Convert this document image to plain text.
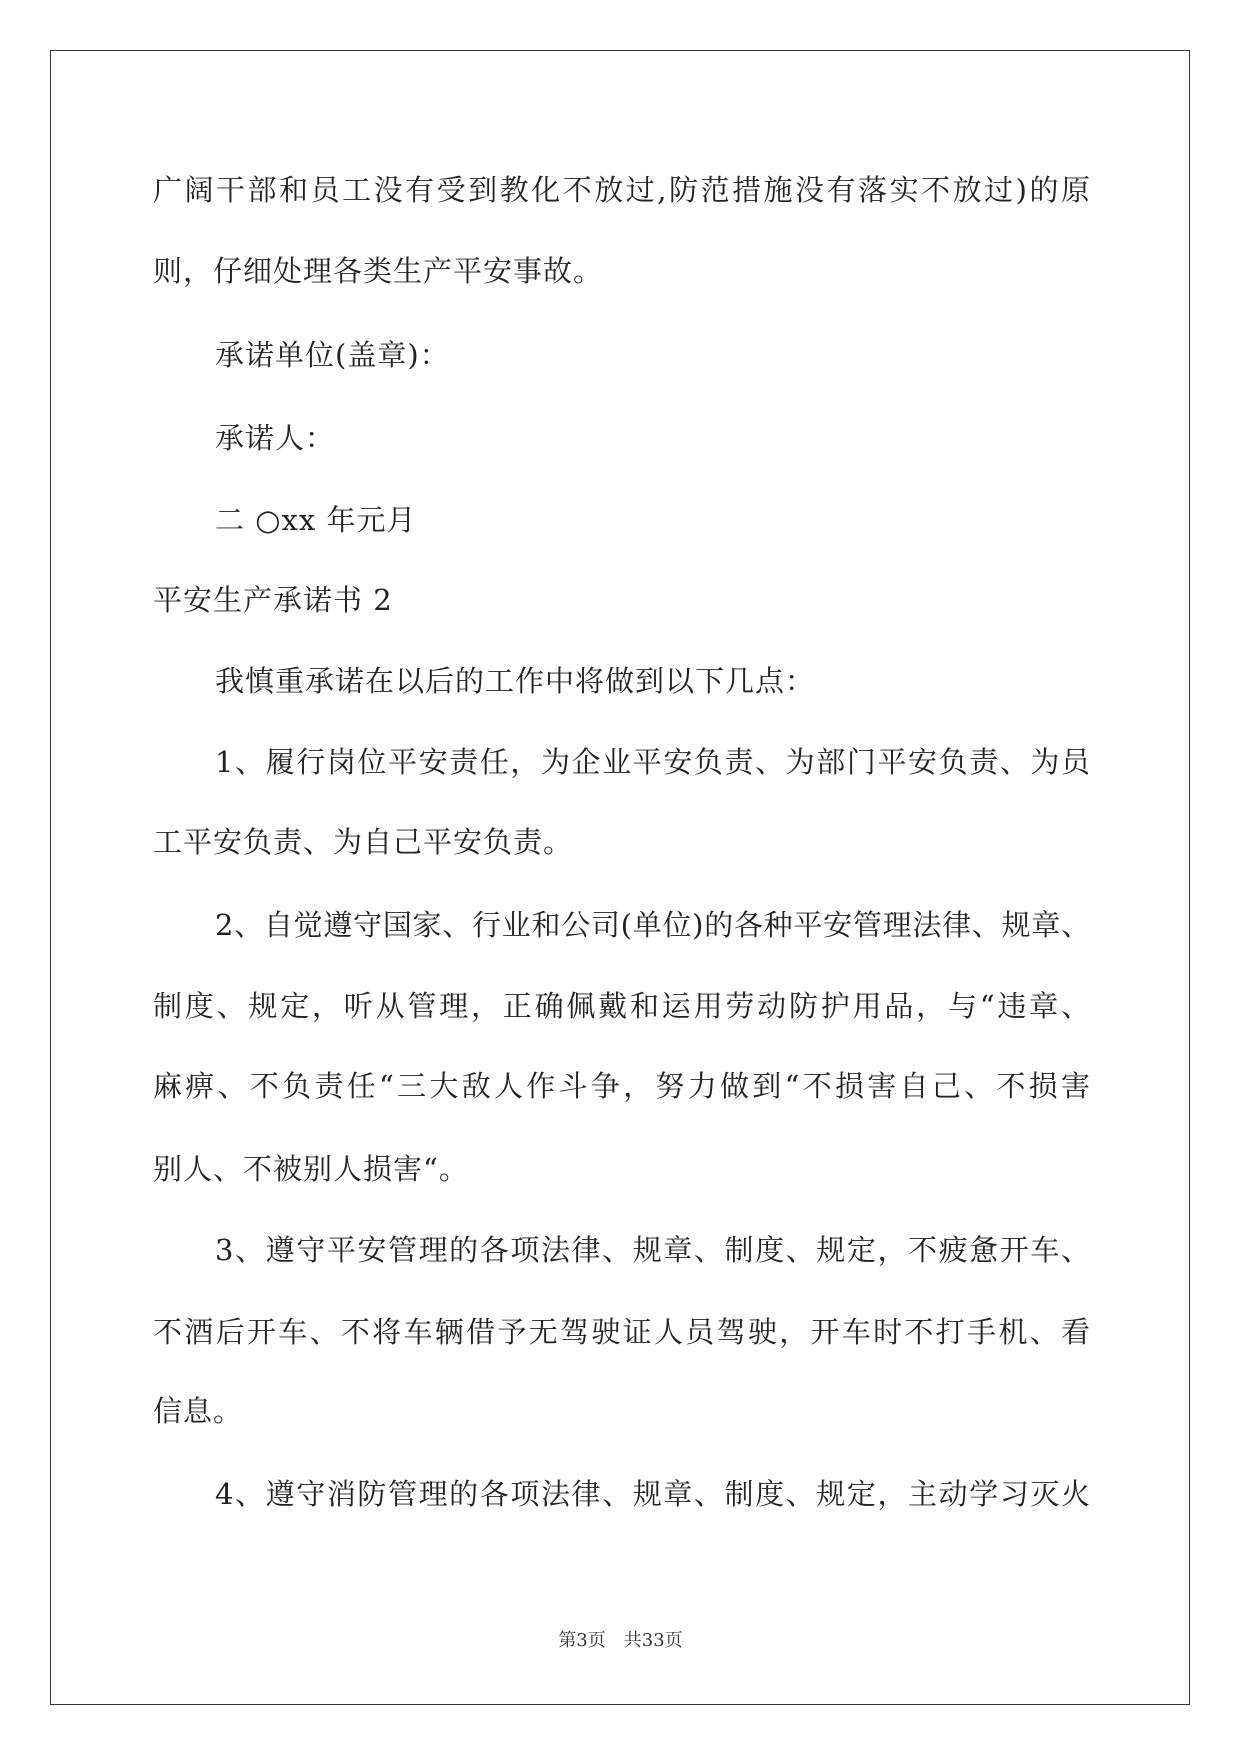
广阔干部和员工没有受到教化不放过,防范措施没有落实不放过)的原
则，仔细处理各类生产平安事故。
承诺单位(盖章)：
承诺人：
二 ○xx 年元月
平安生产承诺书 2
我慎重承诺在以后的工作中将做到以下几点：
1、履行岗位平安责任，为企业平安负责、为部门平安负责、为员
工平安负责、为自己平安负责。
2、自觉遵守国家、行业和公司(单位)的各种平安管理法律、规章、
制度、规定，听从管理，正确佩戴和运用劳动防护用品，与“违章、
麻痹、不负责任“三大敌人作斗争，努力做到“不损害自己、不损害
别人、不被别人损害“。
3、遵守平安管理的各项法律、规章、制度、规定，不疲惫开车、
不酒后开车、不将车辆借予无驾驶证人员驾驶，开车时不打手机、看
信息。
4、遵守消防管理的各项法律、规章、制度、规定，主动学习灭火
第3页　共33页
